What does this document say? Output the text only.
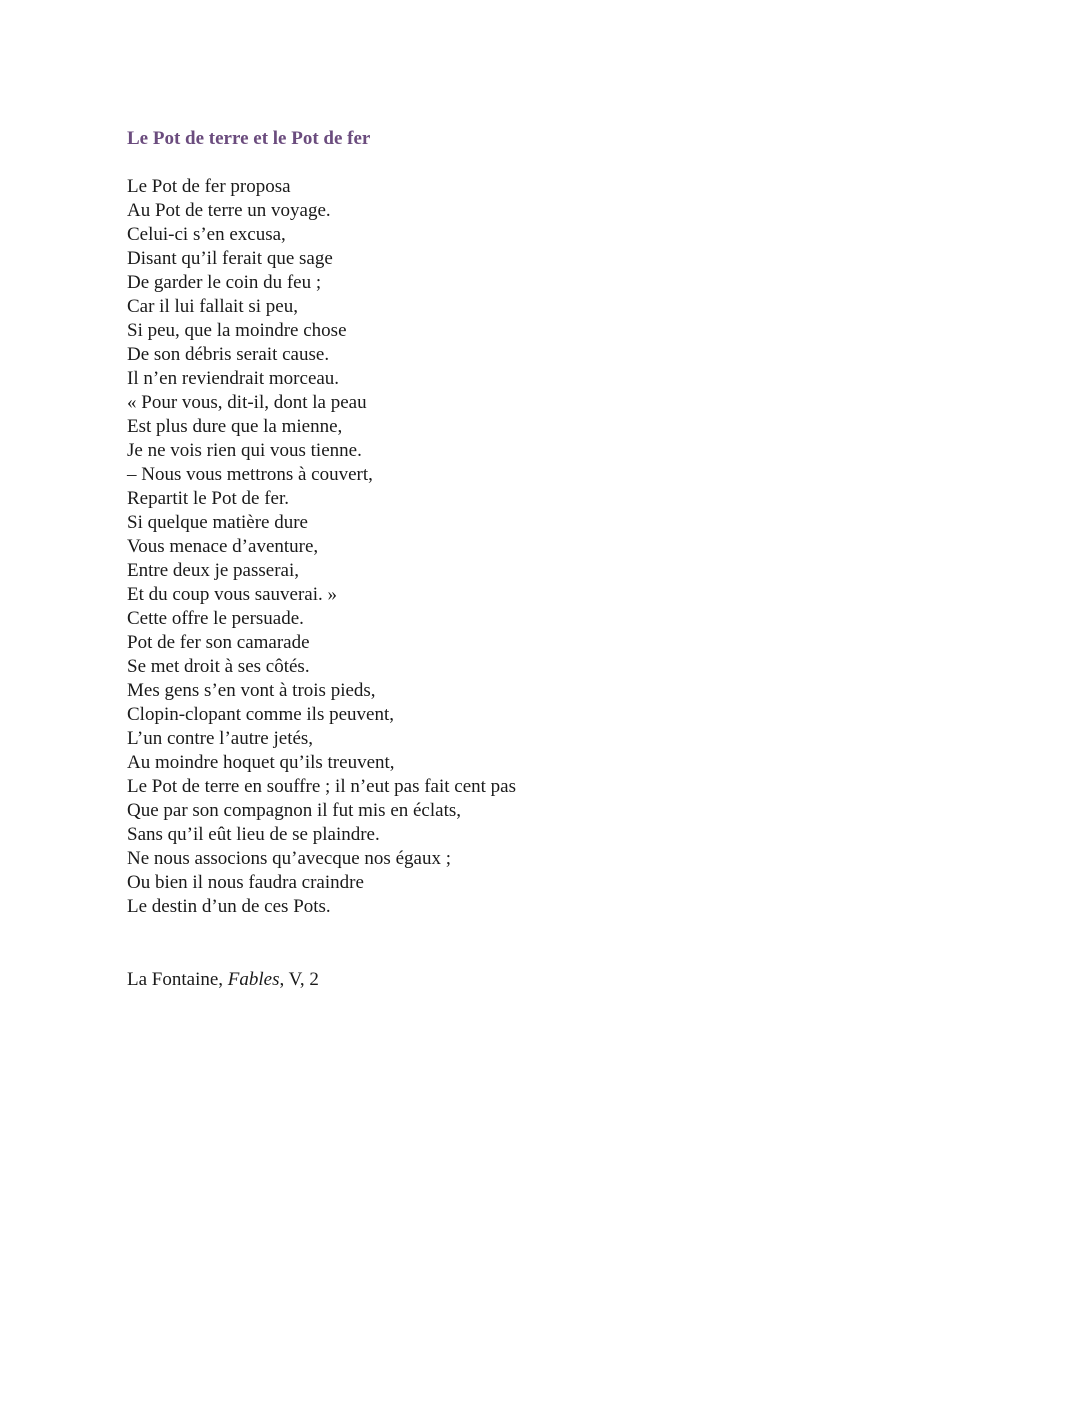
Le Pot de terre et le Pot de fer
Le Pot de fer proposa
Au Pot de terre un voyage.
Celui-ci s’en excusa,
Disant qu’il ferait que sage
De garder le coin du feu ;
Car il lui fallait si peu,
Si peu, que la moindre chose
De son débris serait cause.
Il n’en reviendrait morceau.
« Pour vous, dit-il, dont la peau
Est plus dure que la mienne,
Je ne vois rien qui vous tienne.
– Nous vous mettrons à couvert,
Repartit le Pot de fer.
Si quelque matière dure
Vous menace d’aventure,
Entre deux je passerai,
Et du coup vous sauverai. »
Cette offre le persuade.
Pot de fer son camarade
Se met droit à ses côtés.
Mes gens s’en vont à trois pieds,
Clopin-clopant comme ils peuvent,
L’un contre l’autre jetés,
Au moindre hoquet qu’ils treuvent,
Le Pot de terre en souffre ; il n’eut pas fait cent pas
Que par son compagnon il fut mis en éclats,
Sans qu’il eût lieu de se plaindre.
Ne nous associons qu’avecque nos égaux ;
Ou bien il nous faudra craindre
Le destin d’un de ces Pots.
La Fontaine, Fables, V, 2
